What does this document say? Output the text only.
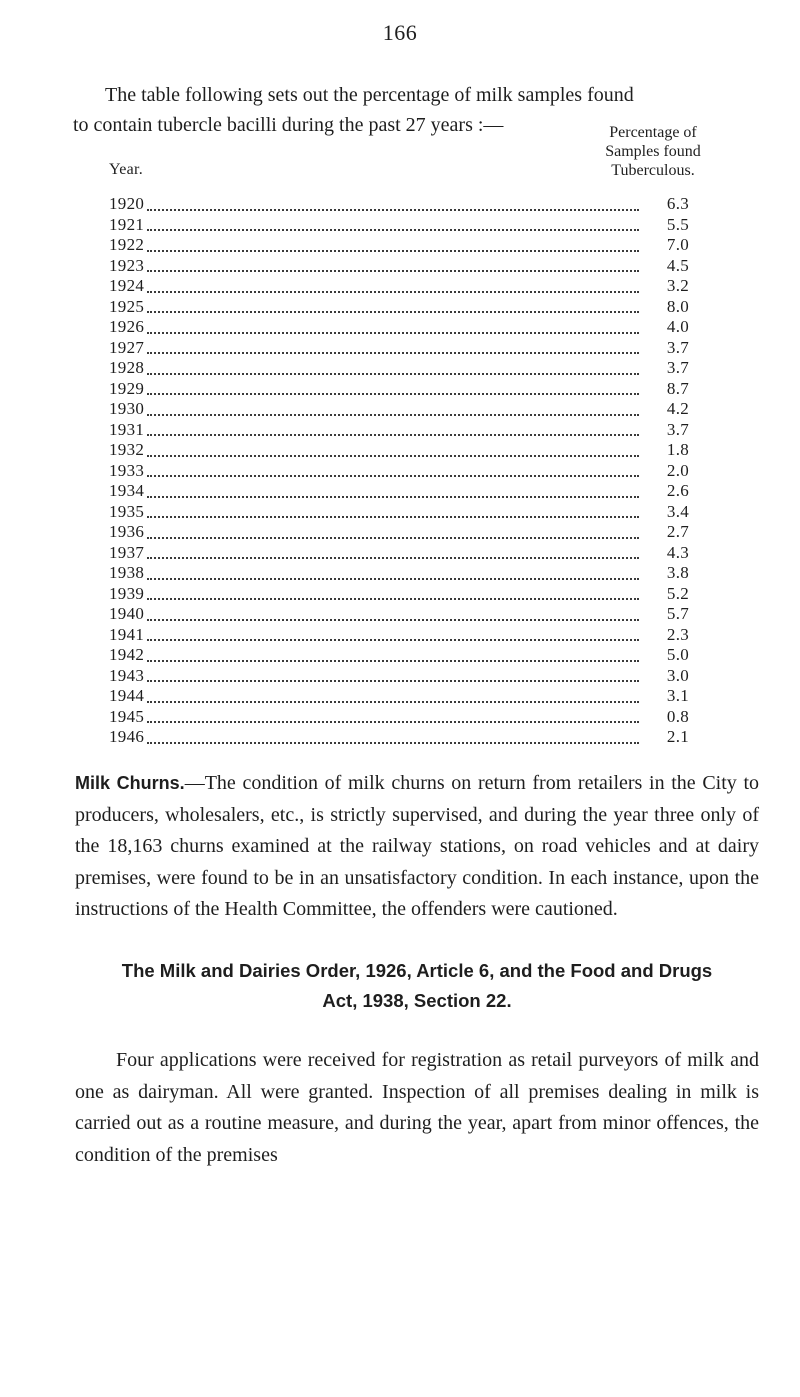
166
The table following sets out the percentage of milk samples found
to contain tubercle bacilli during the past 27 years :—
Year.
Percentage of
Samples found
Tuberculous.
1920	6.3
1921	5.5
1922	7.0
1923	4.5
1924	3.2
1925	8.0
1926	4.0
1927	3.7
1928	3.7
1929	8.7
1930	4.2
1931	3.7
1932	1.8
1933	2.0
1934	2.6
1935	3.4
1936	2.7
1937	4.3
1938	3.8
1939	5.2
1940	5.7
1941	2.3
1942	5.0
1943	3.0
1944	3.1
1945	0.8
1946	2.1
Milk Churns.—The condition of milk churns on return from retailers in the City to producers, wholesalers, etc., is strictly supervised, and during the year three only of the 18,163 churns examined at the railway stations, on road vehicles and at dairy premises, were found to be in an unsatisfactory condition. In each instance, upon the instructions of the Health Committee, the offenders were cautioned.
The Milk and Dairies Order, 1926, Article 6, and the Food and Drugs
Act, 1938, Section 22.
Four applications were received for registration as retail purveyors of milk and one as dairyman. All were granted. Inspection of all premises dealing in milk is carried out as a routine measure, and during the year, apart from minor offences, the condition of the premises
